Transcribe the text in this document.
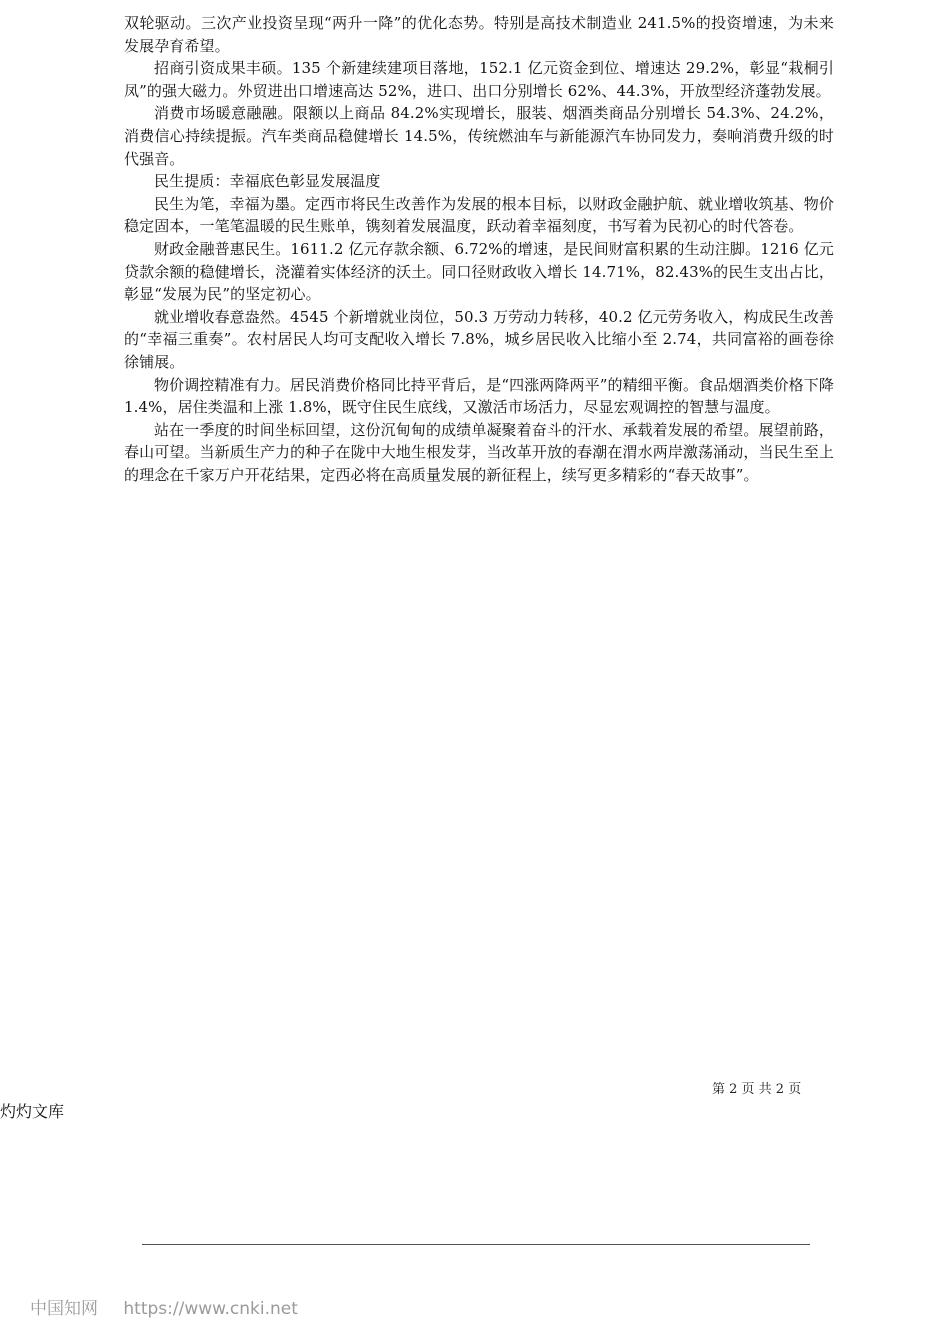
双轮驱动。三次产业投资呈现“两升一降”的优化态势。特别是高技术制造业 241.5%的投资增速，为未来发展孕育希望。

招商引资成果丰硕。135 个新建续建项目落地，152.1 亿元资金到位、增速达 29.2%，彰显“栽桐引凤”的强大磁力。外贸进出口增速高达 52%，进口、出口分别增长 62%、44.3%，开放型经济蓬勃发展。

消费市场暖意融融。限额以上商品 84.2%实现增长，服装、烟酒类商品分别增长 54.3%、24.2%，消费信心持续提振。汽车类商品稳健增长 14.5%，传统燃油车与新能源汽车协同发力，奏响消费升级的时代强音。

民生提质：幸福底色彰显发展温度

民生为笔，幸福为墨。定西市将民生改善作为发展的根本目标，以财政金融护航、就业增收筑基、物价稳定固本，一笔笔温暖的民生账单，镌刻着发展温度，跃动着幸福刻度，书写着为民初心的时代答卷。

财政金融普惠民生。1611.2 亿元存款余额、6.72%的增速，是民间财富积累的生动注脚。1216 亿元贷款余额的稳健增长，浇灌着实体经济的沃土。同口径财政收入增长 14.71%，82.43%的民生支出占比，彰显“发展为民”的坚定初心。

就业增收春意盎然。4545 个新增就业岗位，50.3 万劳动力转移，40.2 亿元劳务收入，构成民生改善的“幸福三重奏”。农村居民人均可支配收入增长 7.8%，城乡居民收入比缩小至 2.74，共同富裕的画卷徐徐铺展。

物价调控精准有力。居民消费价格同比持平背后，是“四涨两降两平”的精细平衡。食品烟酒类价格下降 1.4%，居住类温和上涨 1.8%，既守住民生底线，又激活市场活力，尽显宏观调控的智慧与温度。

站在一季度的时间坐标回望，这份沉甸甸的成绩单凝聚着奋斗的汗水、承载着发展的希望。展望前路，春山可望。当新质生产力的种子在陇中大地生根发芽，当改革开放的春潮在渭水两岸激荡涌动，当民生至上的理念在千家万户开花结果，定西必将在高质量发展的新征程上，续写更多精彩的“春天故事”。

第 2 页 共 2 页
灼灼文库
中国知网 https://www.cnki.net
